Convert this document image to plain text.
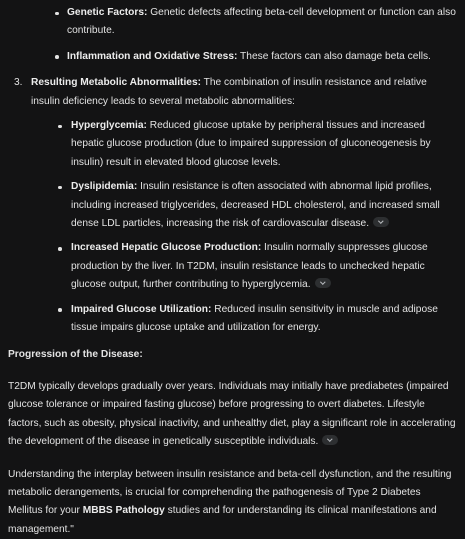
Genetic Factors: Genetic defects affecting beta-cell development or function can also contribute.
Inflammation and Oxidative Stress: These factors can also damage beta cells.
3. Resulting Metabolic Abnormalities: The combination of insulin resistance and relative insulin deficiency leads to several metabolic abnormalities:
Hyperglycemia: Reduced glucose uptake by peripheral tissues and increased hepatic glucose production (due to impaired suppression of gluconeogenesis by insulin) result in elevated blood glucose levels.
Dyslipidemia: Insulin resistance is often associated with abnormal lipid profiles, including increased triglycerides, decreased HDL cholesterol, and increased small dense LDL particles, increasing the risk of cardiovascular disease.
Increased Hepatic Glucose Production: Insulin normally suppresses glucose production by the liver. In T2DM, insulin resistance leads to unchecked hepatic glucose output, further contributing to hyperglycemia.
Impaired Glucose Utilization: Reduced insulin sensitivity in muscle and adipose tissue impairs glucose uptake and utilization for energy.
Progression of the Disease:

T2DM typically develops gradually over years. Individuals may initially have prediabetes (impaired glucose tolerance or impaired fasting glucose) before progressing to overt diabetes. Lifestyle factors, such as obesity, physical inactivity, and unhealthy diet, play a significant role in accelerating the development of the disease in genetically susceptible individuals.

Understanding the interplay between insulin resistance and beta-cell dysfunction, and the resulting metabolic derangements, is crucial for comprehending the pathogenesis of Type 2 Diabetes Mellitus for your MBBS Pathology studies and for understanding its clinical manifestations and management."
